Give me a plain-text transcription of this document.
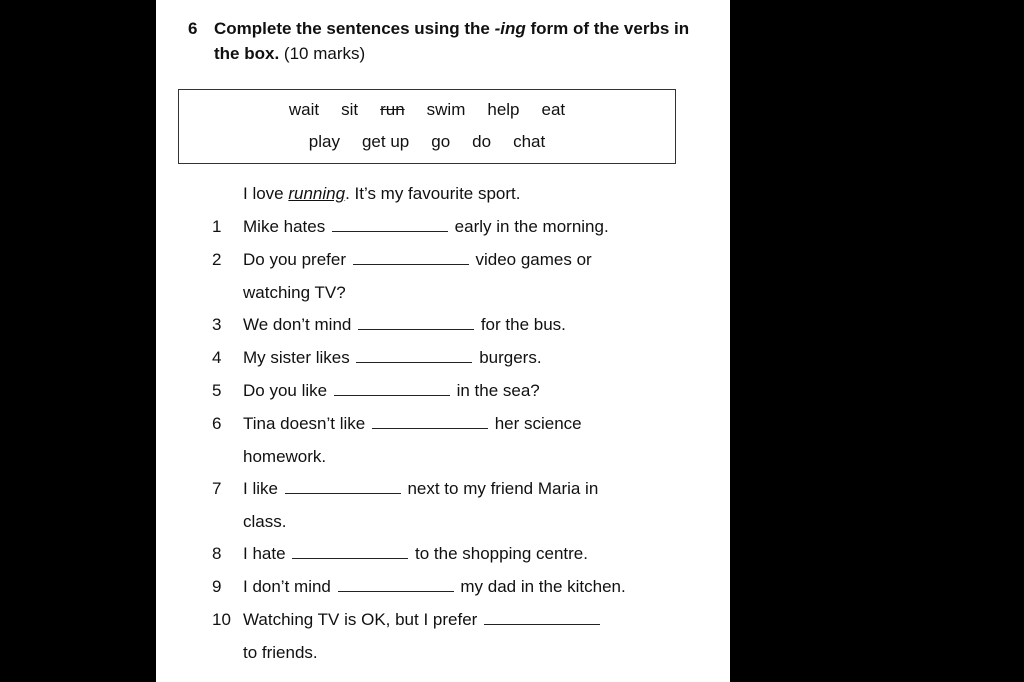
6 Complete the sentences using the -ing form of the verbs in the box. (10 marks)
wait sit run swim help eat
play get up go do chat
I love running. It’s my favourite sport.
1	Mike hates	early in the morning.
2	Do you prefer	video games or
watching TV?
3	We don’t mind	for the bus.
4	My sister likes	burgers.
5	Do you like	in the sea?
6	Tina doesn’t like	her science
homework.
7	I like	next to my friend Maria in
class.
8	I hate	to the shopping centre.
9	I don’t mind	my dad in the kitchen.
10 Watching TV is OK, but I prefer
to friends.
